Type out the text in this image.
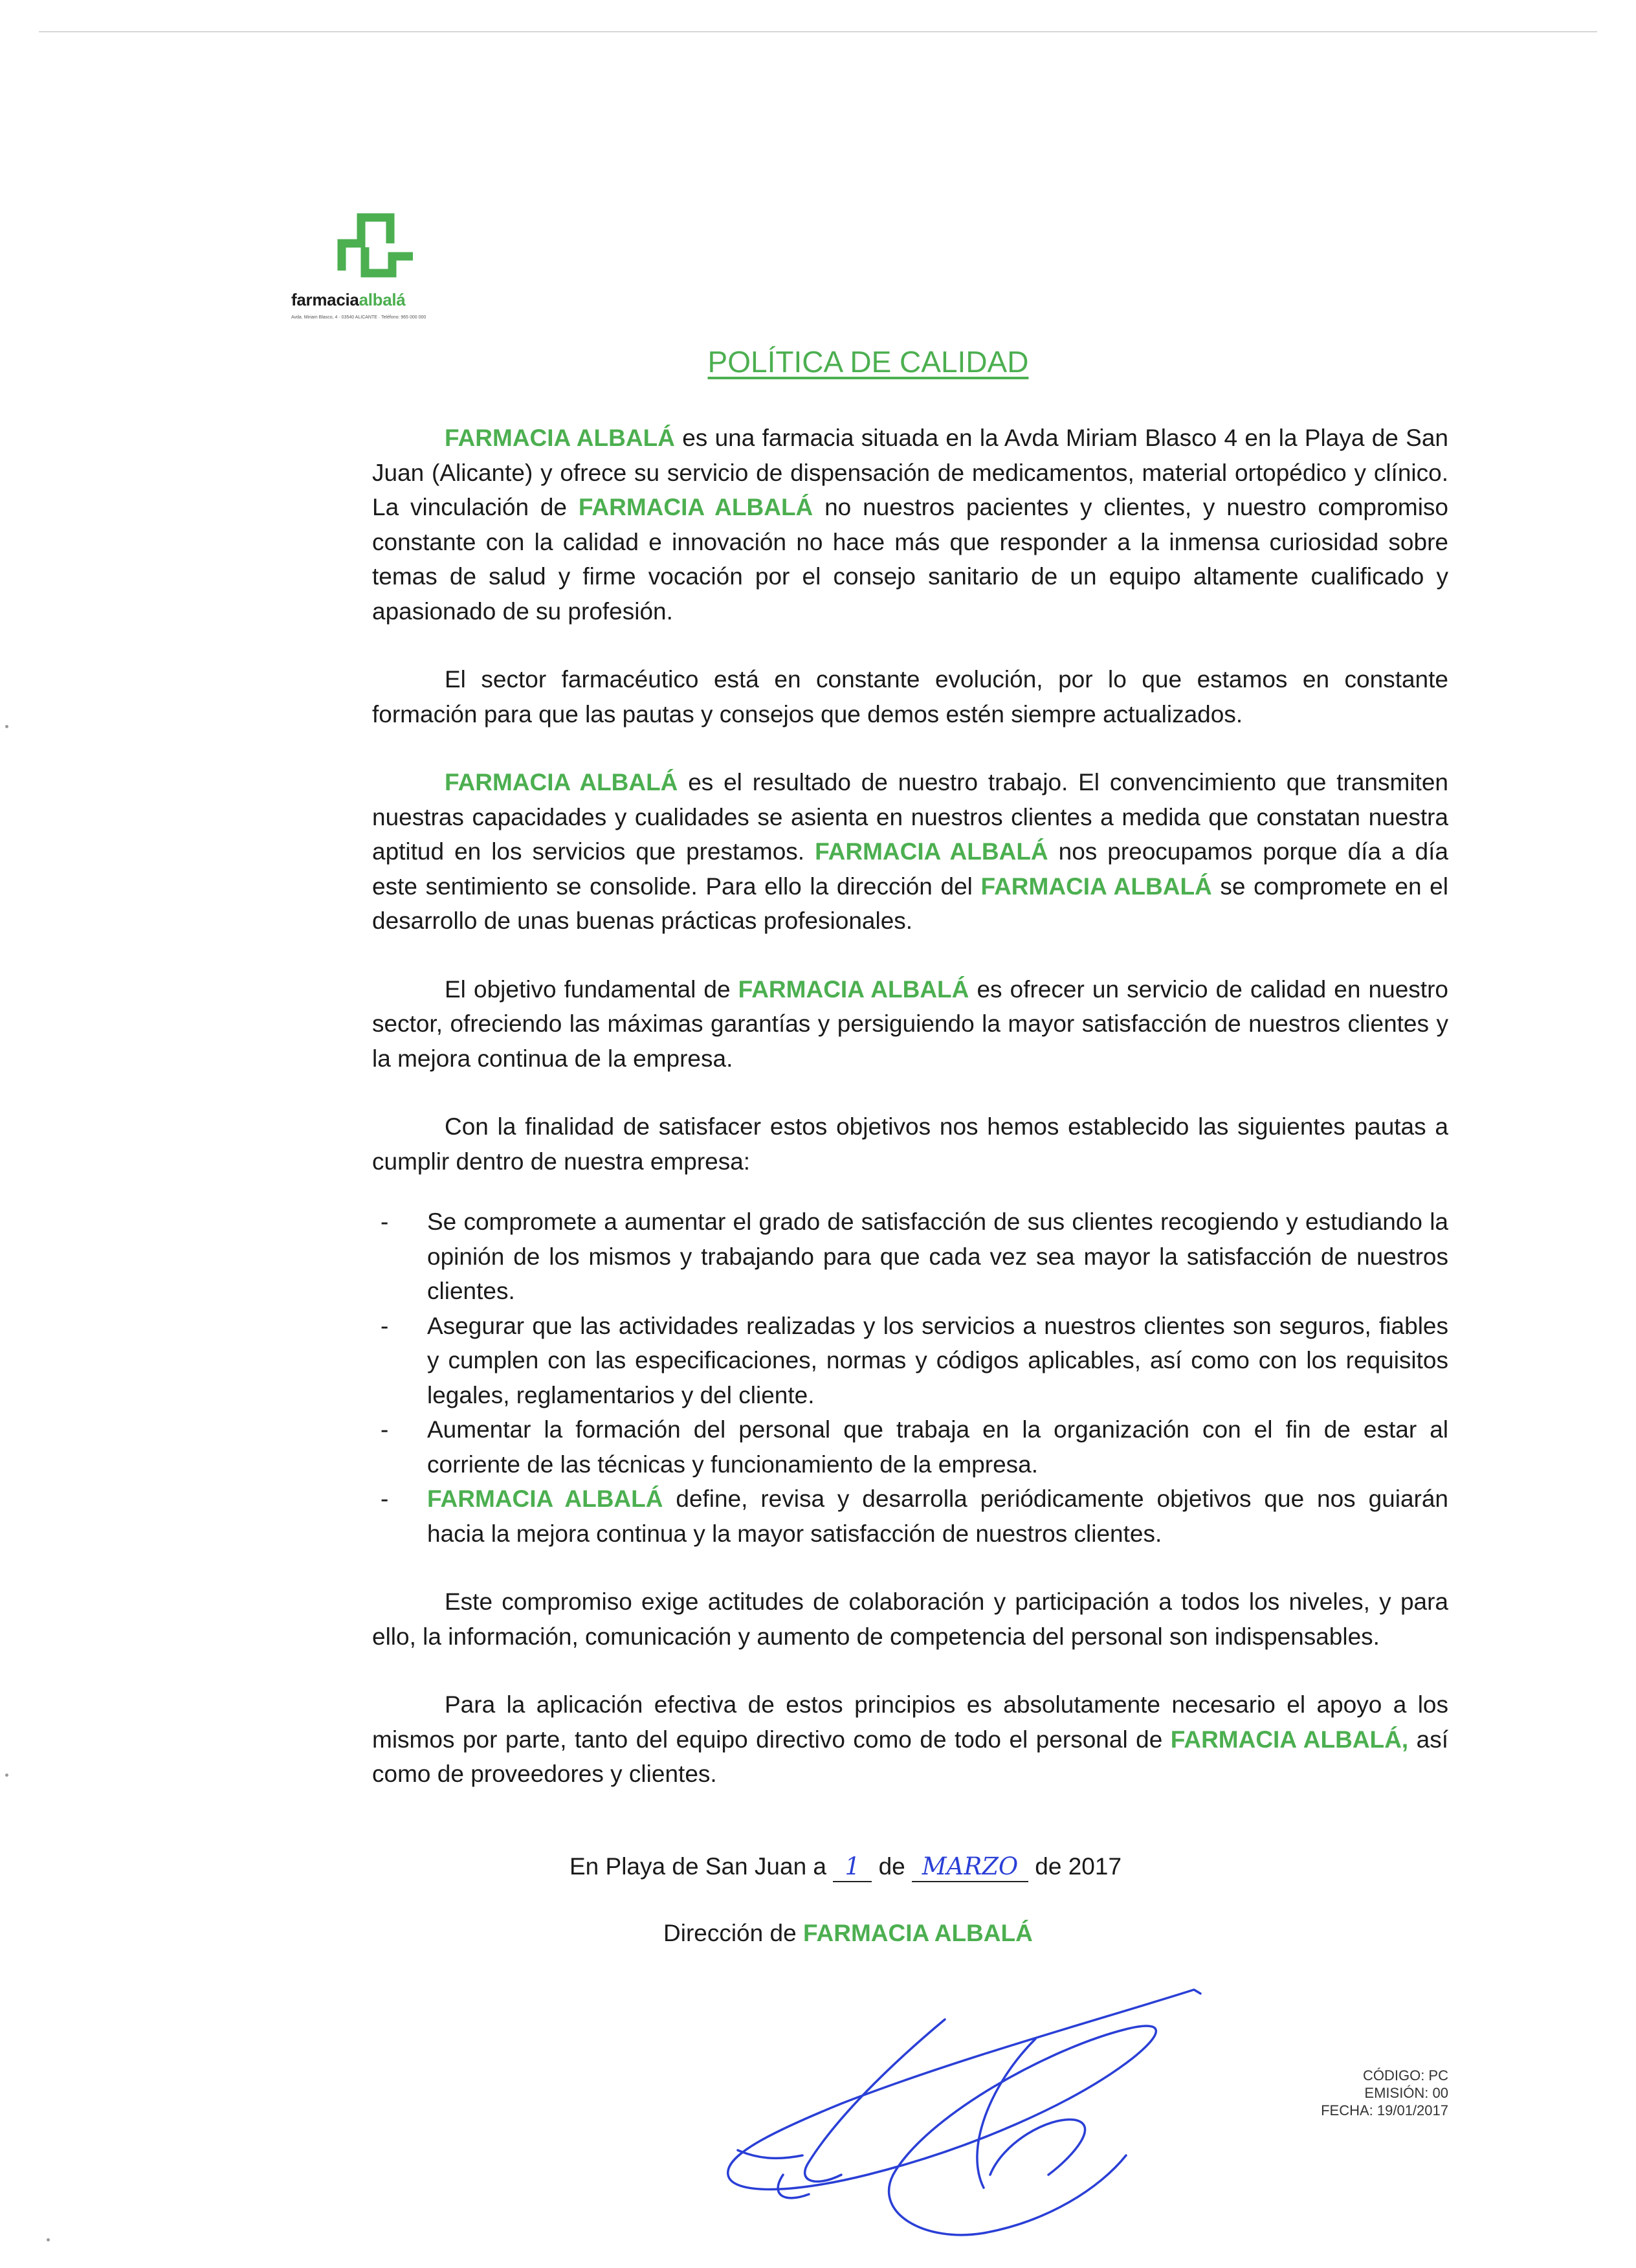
farmaciaalbalá
Avda. Miriam Blasco, 4 · 03540 ALICANTE · Teléfono: 965 000 000
POLÍTICA DE CALIDAD

FARMACIA ALBALÁ es una farmacia situada en la Avda Miriam Blasco 4 en la Playa de San Juan (Alicante) y ofrece su servicio de dispensación de medicamentos, material ortopédico y clínico. La vinculación de FARMACIA ALBALÁ no nuestros pacientes y clientes, y nuestro compromiso constante con la calidad e innovación no hace más que responder a la inmensa curiosidad sobre temas de salud y firme vocación por el consejo sanitario de un equipo altamente cualificado y apasionado de su profesión.

El sector farmacéutico está en constante evolución, por lo que estamos en constante formación para que las pautas y consejos que demos estén siempre actualizados.

FARMACIA ALBALÁ es el resultado de nuestro trabajo. El convencimiento que transmiten nuestras capacidades y cualidades se asienta en nuestros clientes a medida que constatan nuestra aptitud en los servicios que prestamos. FARMACIA ALBALÁ nos preocupamos porque día a día este sentimiento se consolide. Para ello la dirección del FARMACIA ALBALÁ se compromete en el desarrollo de unas buenas prácticas profesionales.

El objetivo fundamental de FARMACIA ALBALÁ es ofrecer un servicio de calidad en nuestro sector, ofreciendo las máximas garantías y persiguiendo la mayor satisfacción de nuestros clientes y la mejora continua de la empresa.

Con la finalidad de satisfacer estos objetivos nos hemos establecido las siguientes pautas a cumplir dentro de nuestra empresa:

- Se compromete a aumentar el grado de satisfacción de sus clientes recogiendo y estudiando la opinión de los mismos y trabajando para que cada vez sea mayor la satisfacción de nuestros clientes.
- Asegurar que las actividades realizadas y los servicios a nuestros clientes son seguros, fiables y cumplen con las especificaciones, normas y códigos aplicables, así como con los requisitos legales, reglamentarios y del cliente.
- Aumentar la formación del personal que trabaja en la organización con el fin de estar al corriente de las técnicas y funcionamiento de la empresa.
- FARMACIA ALBALÁ define, revisa y desarrolla periódicamente objetivos que nos guiarán hacia la mejora continua y la mayor satisfacción de nuestros clientes.

Este compromiso exige actitudes de colaboración y participación a todos los niveles, y para ello, la información, comunicación y aumento de competencia del personal son indispensables.

Para la aplicación efectiva de estos principios es absolutamente necesario el apoyo a los mismos por parte, tanto del equipo directivo como de todo el personal de FARMACIA ALBALÁ, así como de proveedores y clientes.

En Playa de San Juan a 1 de MARZO de 2017
Dirección de FARMACIA ALBALÁ
CÓDIGO: PC
EMISIÓN: 00
FECHA: 19/01/2017
